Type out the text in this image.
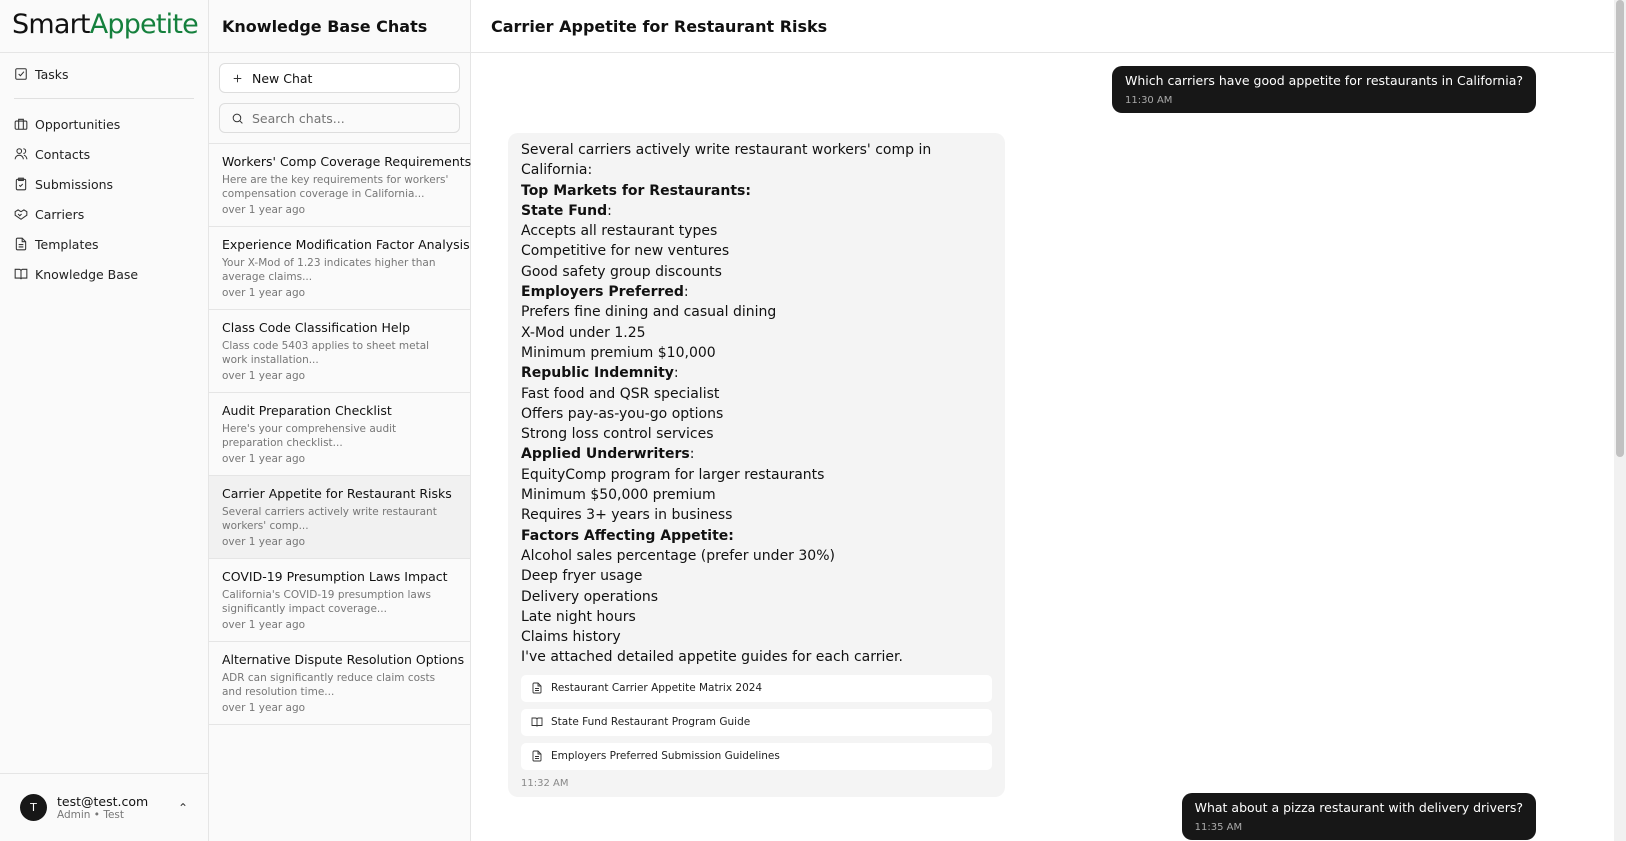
SmartAppetite
Tasks
Opportunities
Contacts
Submissions
Carriers
Templates
Knowledge Base
T	test@test.com
Admin • Test
⌃
Knowledge Base Chats
New Chat
Search chats...
Workers' Comp Coverage Requirements
Here are the key requirements for workers' compensation coverage in California...
over 1 year ago
Experience Modification Factor Analysis
Your X-Mod of 1.23 indicates higher than average claims...
over 1 year ago
Class Code Classification Help
Class code 5403 applies to sheet metal work installation...
over 1 year ago
Audit Preparation Checklist
Here's your comprehensive audit preparation checklist...
over 1 year ago
Carrier Appetite for Restaurant Risks
Several carriers actively write restaurant workers' comp...
over 1 year ago
COVID-19 Presumption Laws Impact
California's COVID-19 presumption laws significantly impact coverage...
over 1 year ago
Alternative Dispute Resolution Options
ADR can significantly reduce claim costs and resolution time...
over 1 year ago
Carrier Appetite for Restaurant Risks
Which carriers have good appetite for restaurants in California?
11:30 AM
Several carriers actively write restaurant workers' comp in California:
Top Markets for Restaurants:
State Fund:
Accepts all restaurant types
Competitive for new ventures
Good safety group discounts
Employers Preferred:
Prefers fine dining and casual dining
X-Mod under 1.25
Minimum premium $10,000
Republic Indemnity:
Fast food and QSR specialist
Offers pay-as-you-go options
Strong loss control services
Applied Underwriters:
EquityComp program for larger restaurants
Minimum $50,000 premium
Requires 3+ years in business
Factors Affecting Appetite:
Alcohol sales percentage (prefer under 30%)
Deep fryer usage
Delivery operations
Late night hours
Claims history
I've attached detailed appetite guides for each carrier.
Restaurant Carrier Appetite Matrix 2024
State Fund Restaurant Program Guide
Employers Preferred Submission Guidelines
11:32 AM
What about a pizza restaurant with delivery drivers?
11:35 AM
